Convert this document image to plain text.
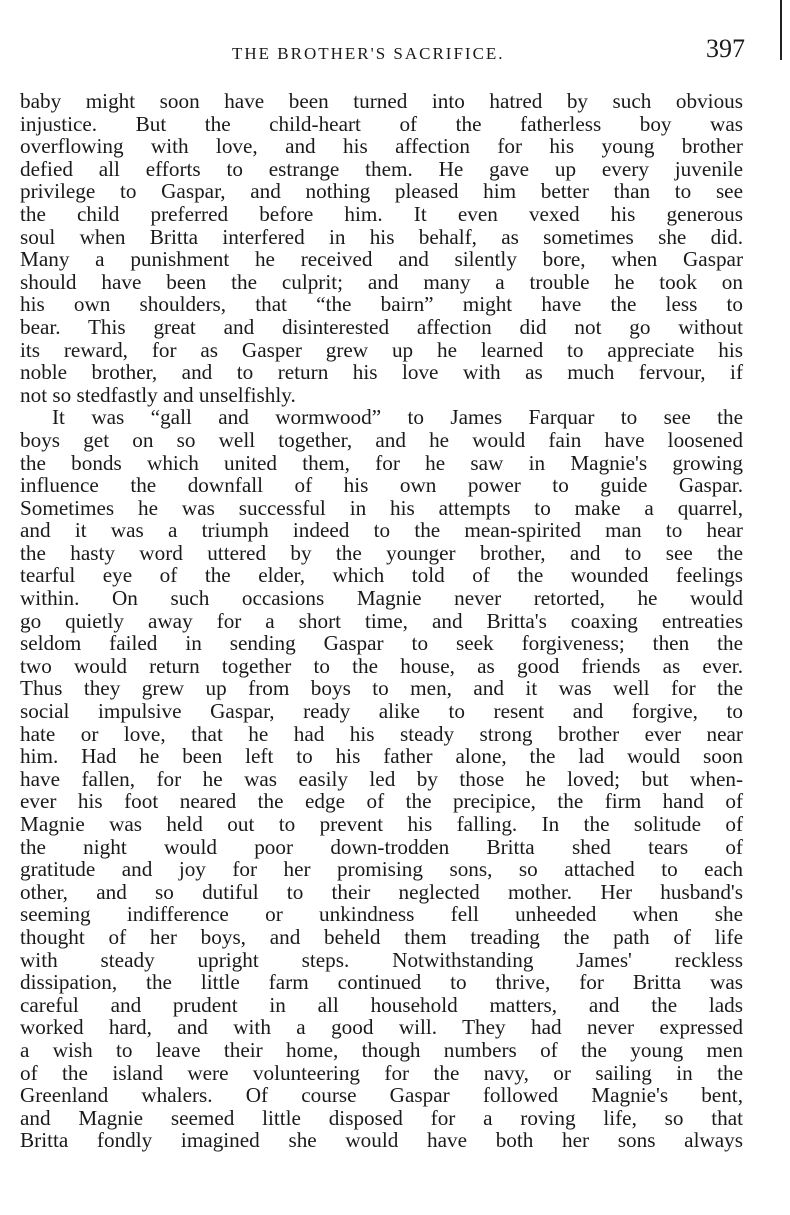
THE BROTHER'S SACRIFICE.	397
baby might soon have been turned into hatred by such obvious
injustice. But the child-heart of the fatherless boy was
overflowing with love, and his affection for his young brother
defied all efforts to estrange them. He gave up every juvenile
privilege to Gaspar, and nothing pleased him better than to see
the child preferred before him. It even vexed his generous
soul when Britta interfered in his behalf, as sometimes she did.
Many a punishment he received and silently bore, when Gaspar
should have been the culprit; and many a trouble he took on
his own shoulders, that “the bairn” might have the less to
bear. This great and disinterested affection did not go without
its reward, for as Gasper grew up he learned to appreciate his
noble brother, and to return his love with as much fervour, if
not so stedfastly and unselfishly.
It was “gall and wormwood” to James Farquar to see the
boys get on so well together, and he would fain have loosened
the bonds which united them, for he saw in Magnie's growing
influence the downfall of his own power to guide Gaspar.
Sometimes he was successful in his attempts to make a quarrel,
and it was a triumph indeed to the mean-spirited man to hear
the hasty word uttered by the younger brother, and to see the
tearful eye of the elder, which told of the wounded feelings
within. On such occasions Magnie never retorted, he would
go quietly away for a short time, and Britta's coaxing entreaties
seldom failed in sending Gaspar to seek forgiveness; then the
two would return together to the house, as good friends as ever.
Thus they grew up from boys to men, and it was well for the
social impulsive Gaspar, ready alike to resent and forgive, to
hate or love, that he had his steady strong brother ever near
him. Had he been left to his father alone, the lad would soon
have fallen, for he was easily led by those he loved; but when-
ever his foot neared the edge of the precipice, the firm hand of
Magnie was held out to prevent his falling. In the solitude of
the night would poor down-trodden Britta shed tears of
gratitude and joy for her promising sons, so attached to each
other, and so dutiful to their neglected mother. Her husband's
seeming indifference or unkindness fell unheeded when she
thought of her boys, and beheld them treading the path of life
with steady upright steps. Notwithstanding James' reckless
dissipation, the little farm continued to thrive, for Britta was
careful and prudent in all household matters, and the lads
worked hard, and with a good will. They had never expressed
a wish to leave their home, though numbers of the young men
of the island were volunteering for the navy, or sailing in the
Greenland whalers. Of course Gaspar followed Magnie's bent,
and Magnie seemed little disposed for a roving life, so that
Britta fondly imagined she would have both her sons always
